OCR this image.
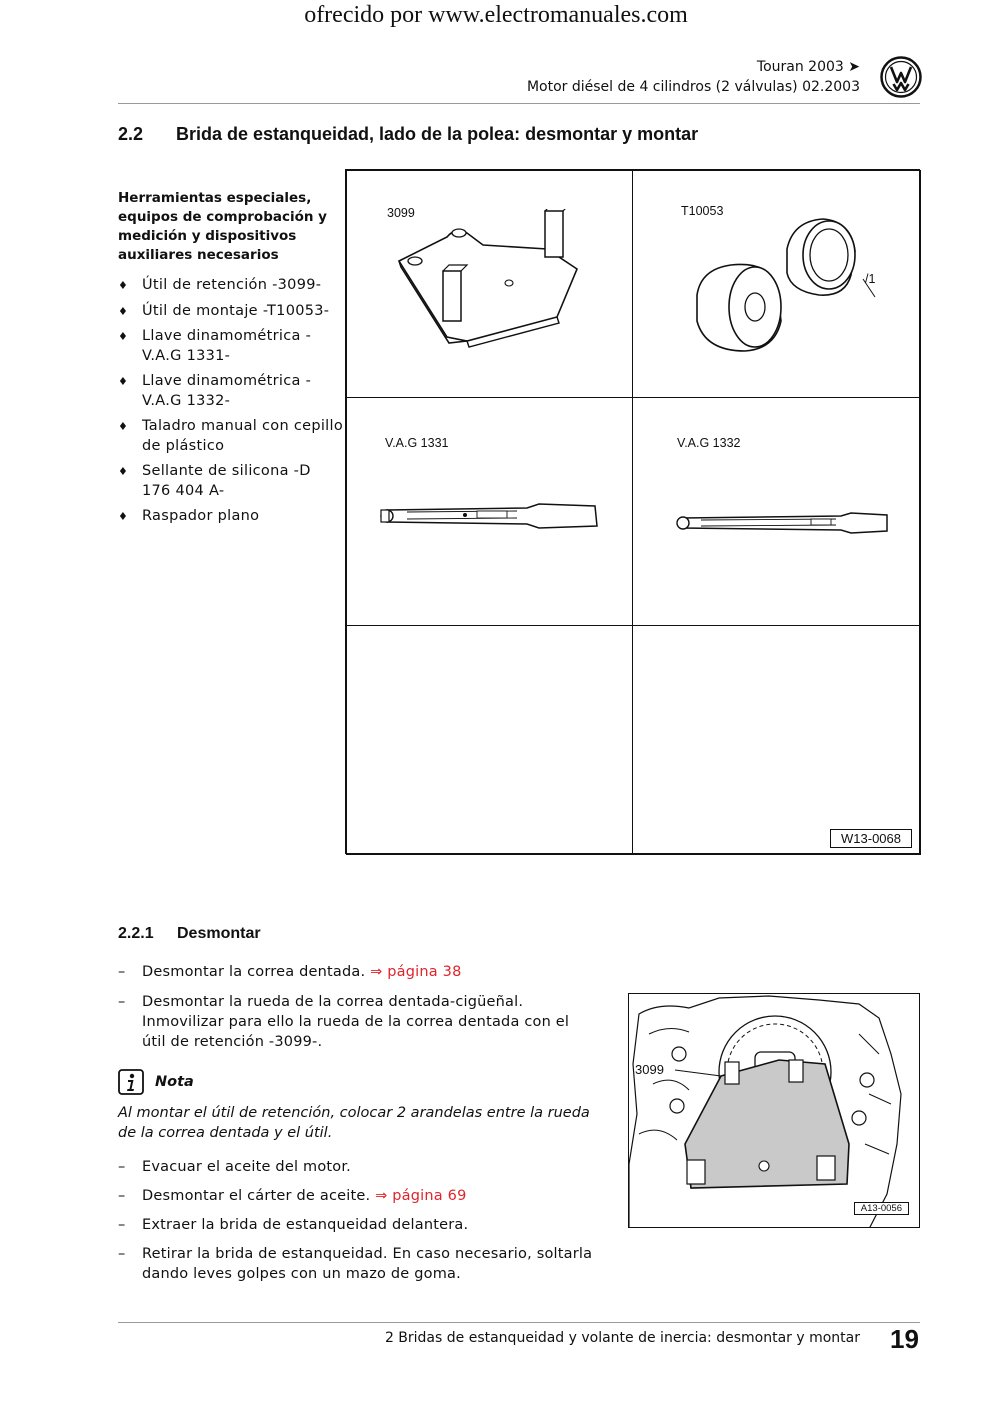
ofrecido por www.electromanuales.com
Touran 2003 ➤
Motor diésel de 4 cilindros (2 válvulas) 02.2003
2.2 Brida de estanqueidad, lado de la polea: desmontar y montar
Herramientas especiales, equipos de comprobación y medición y dispositivos auxiliares necesarios
♦ Útil de retención -3099-
♦ Útil de montaje -T10053-
♦ Llave dinamométrica -V.A.G 1331-
♦ Llave dinamométrica -V.A.G 1332-
♦ Taladro manual con cepillo de plástico
♦ Sellante de silicona -D 176 404 A-
♦ Raspador plano
3099	T10053
/1
V.A.G 1331	V.A.G 1332
W13-0068
2.2.1 Desmontar
– Desmontar la correa dentada. ⇒ página 38
– Desmontar la rueda de la correa dentada-cigüeñal. Inmovilizar para ello la rueda de la correa dentada con el útil de retención -3099-.
Nota
Al montar el útil de retención, colocar 2 arandelas entre la rueda de la correa dentada y el útil.
– Evacuar el aceite del motor.
– Desmontar el cárter de aceite. ⇒ página 69
– Extraer la brida de estanqueidad delantera.
– Retirar la brida de estanqueidad. En caso necesario, soltarla dando leves golpes con un mazo de goma.
3099
A13-0056
2 Bridas de estanqueidad y volante de inercia: desmontar y montar 19
